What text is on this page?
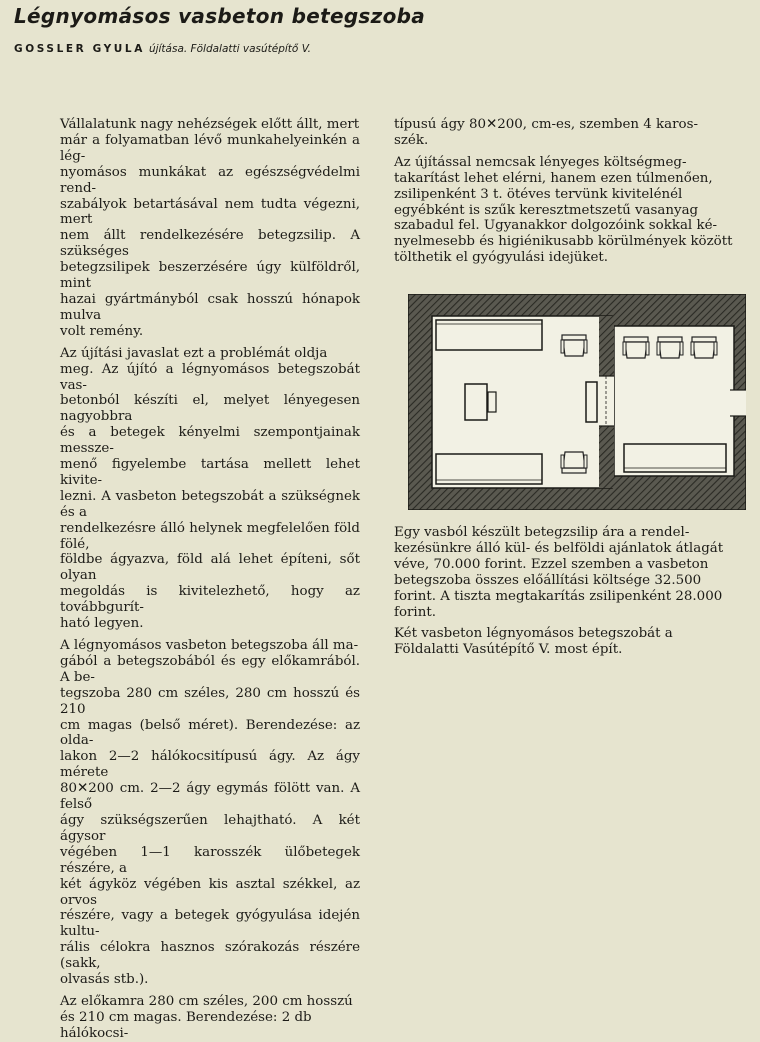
Légnyomásos vasbeton betegszoba
GOSSLER GYULA újítása. Földalatti vasútépítő V.

Vállalatunk nagy nehézségek előtt állt, mert
már a folyamatban lévő munkahelyeinkén a lég-
nyomásos munkákat az egészségvédelmi rend-
szabályok betartásával nem tudta végezni, mert
nem állt rendelkezésére betegzsilip. A szükséges
betegzsilipek beszerzésére úgy külföldről, mint
hazai gyártmányból csak hosszú hónapok mulva
volt remény.

Az újítási javaslat ezt a problémát oldja
meg. Az újító a légnyomásos betegszobát vas-
betonból készíti el, melyet lényegesen nagyobbra
és a betegek kényelmi szempontjainak messze-
menő figyelembe tartása mellett lehet kivite-
lezni. A vasbeton betegszobát a szükségnek és a
rendelkezésre álló helynek megfelelően föld fölé,
földbe ágyazva, föld alá lehet építeni, sőt olyan
megoldás is kivitelezhető, hogy az továbbgurít-
ható legyen.

A légnyomásos vasbeton betegszoba áll ma-
gából a betegszobából és egy előkamrából. A be-
tegszoba 280 cm széles, 280 cm hosszú és 210
cm magas (belső méret). Berendezése: az olda-
lakon 2—2 hálókocsitípusú ágy. Az ágy mérete
80✕200 cm. 2—2 ágy egymás fölött van. A felső
ágy szükségszerűen lehajtható. A két ágysor
végében 1—1 karosszék ülőbetegek részére, a
két ágyköz végében kis asztal székkel, az orvos
részére, vagy a betegek gyógyulása idején kultu-
rális célokra hasznos szórakozás részére (sakk,
olvasás stb.).

Az előkamra 280 cm széles, 200 cm hosszú
és 210 cm magas. Berendezése: 2 db hálókocsi-

típusú ágy 80✕200, cm-es, szemben 4 karos-
szék.

Az újítással nemcsak lényeges költségmeg-
takarítást lehet elérni, hanem ezen túlmenően,
zsilipenként 3 t. ötéves tervünk kivitelénél
egyébként is szűk keresztmetszetű vasanyag
szabadul fel. Ugyanakkor dolgozóink sokkal ké-
nyelmesebb és higiénikusabb körülmények között
tölthetik el gyógyulási idejüket.

Egy vasból készült betegzsilip ára a rendel-
kezésünkre álló kül- és belföldi ajánlatok átlagát
véve, 70.000 forint. Ezzel szemben a vasbeton
betegszoba összes előállítási költsége 32.500
forint. A tiszta megtakarítás zsilipenként 28.000
forint.

Két vasbeton légnyomásos betegszobát a
Földalatti Vasútépítő V. most épít.
